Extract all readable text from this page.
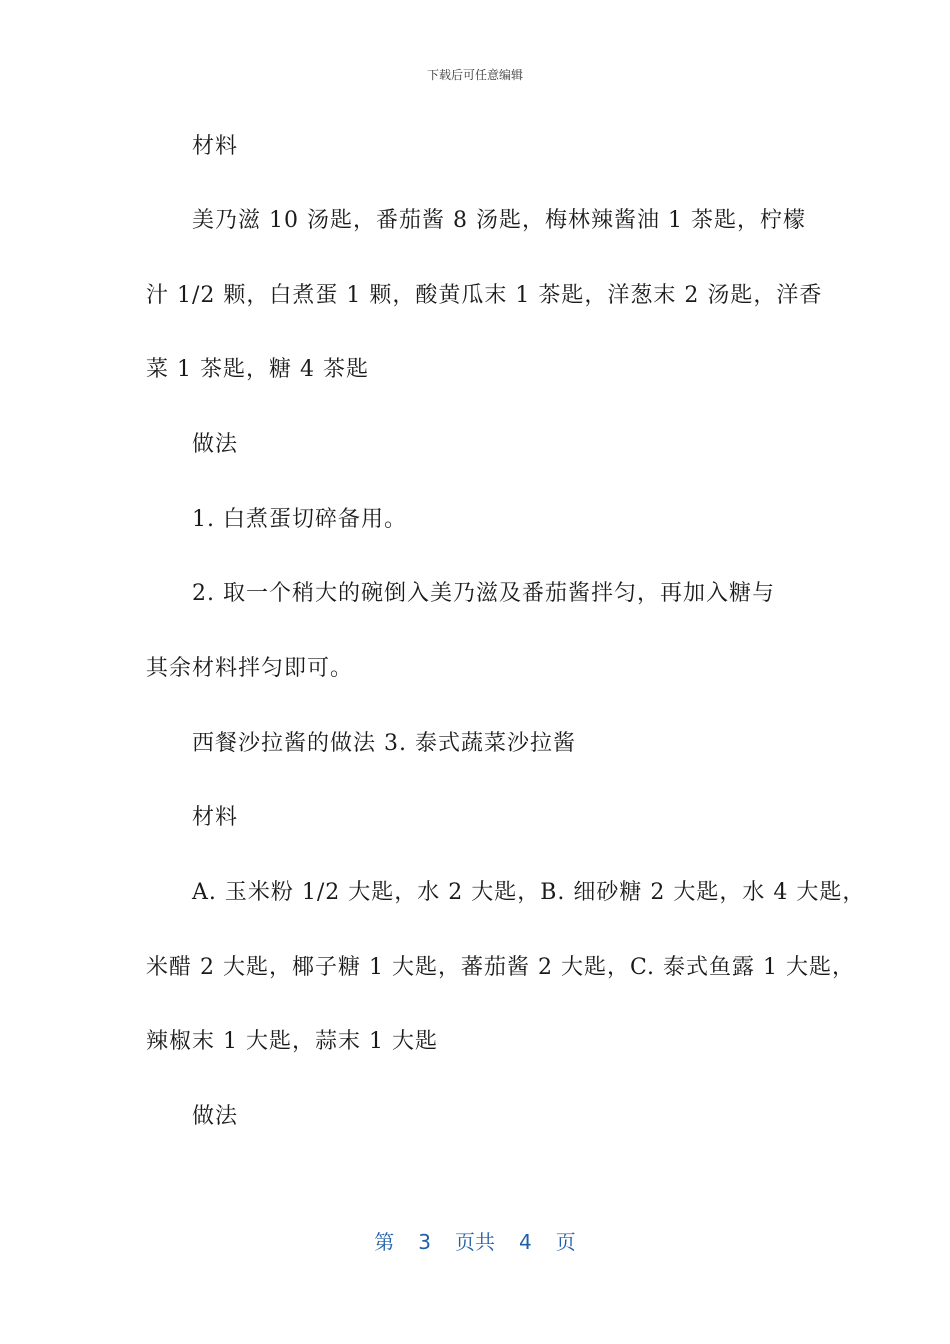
下载后可任意编辑
材料
美乃滋 10 汤匙，番茄酱 8 汤匙，梅林辣酱油 1 茶匙，柠檬
汁 1/2 颗，白煮蛋 1 颗，酸黄瓜末 1 茶匙，洋葱末 2 汤匙，洋香
菜 1 茶匙，糖 4 茶匙
做法
1. 白煮蛋切碎备用。
2. 取一个稍大的碗倒入美乃滋及番茄酱拌匀，再加入糖与
其余材料拌匀即可。
西餐沙拉酱的做法 3. 泰式蔬菜沙拉酱
材料
A. 玉米粉 1/2 大匙，水 2 大匙，B. 细砂糖 2 大匙，水 4 大匙，
米醋 2 大匙，椰子糖 1 大匙，蕃茄酱 2 大匙，C. 泰式鱼露 1 大匙，
辣椒末 1 大匙，蒜末 1 大匙
做法
第 3 页共 4 页
